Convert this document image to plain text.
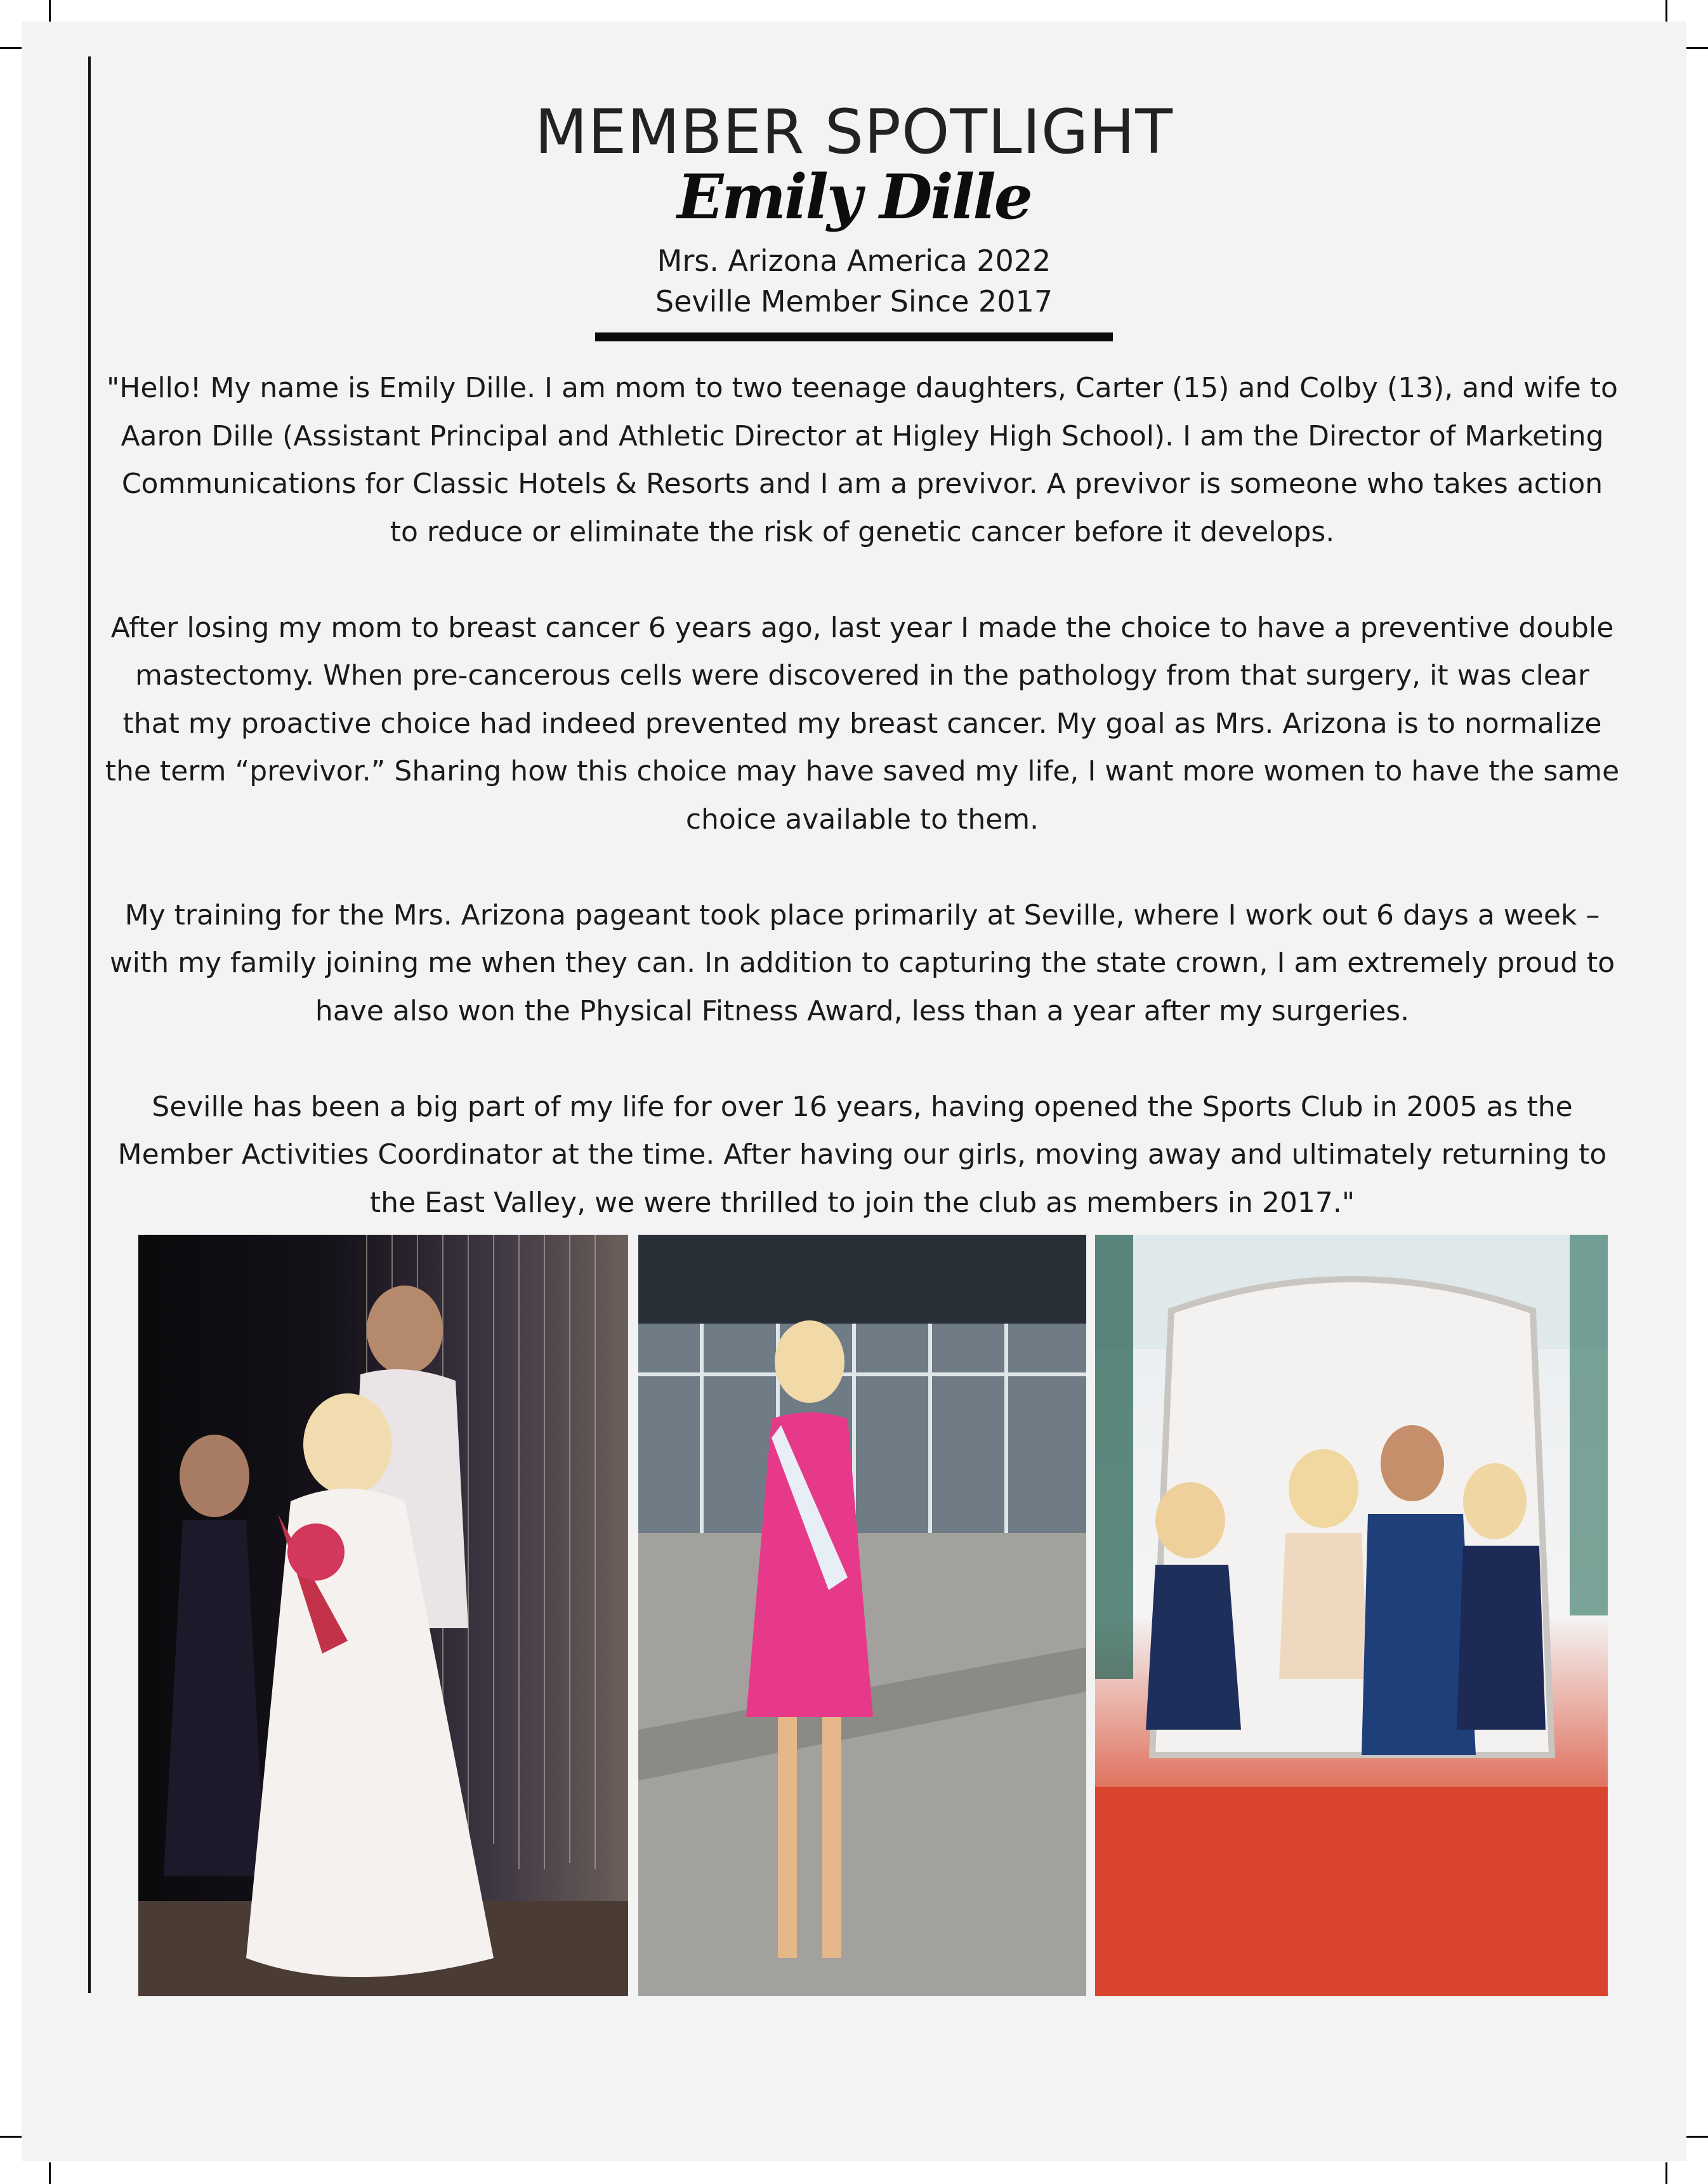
MEMBER SPOTLIGHT
Emily Dille
Mrs. Arizona America 2022
Seville Member Since 2017

"Hello! My name is Emily Dille. I am mom to two teenage daughters, Carter (15) and Colby (13), and wife to Aaron Dille (Assistant Principal and Athletic Director at Higley High School). I am the Director of Marketing Communications for Classic Hotels & Resorts and I am a previvor. A previvor is someone who takes action to reduce or eliminate the risk of genetic cancer before it develops.

After losing my mom to breast cancer 6 years ago, last year I made the choice to have a preventive double mastectomy. When pre-cancerous cells were discovered in the pathology from that surgery, it was clear that my proactive choice had indeed prevented my breast cancer. My goal as Mrs. Arizona is to normalize the term “previvor.” Sharing how this choice may have saved my life, I want more women to have the same choice available to them.

My training for the Mrs. Arizona pageant took place primarily at Seville, where I work out 6 days a week – with my family joining me when they can. In addition to capturing the state crown, I am extremely proud to have also won the Physical Fitness Award, less than a year after my surgeries.

Seville has been a big part of my life for over 16 years, having opened the Sports Club in 2005 as the Member Activities Coordinator at the time. After having our girls, moving away and ultimately returning to the East Valley, we were thrilled to join the club as members in 2017."
